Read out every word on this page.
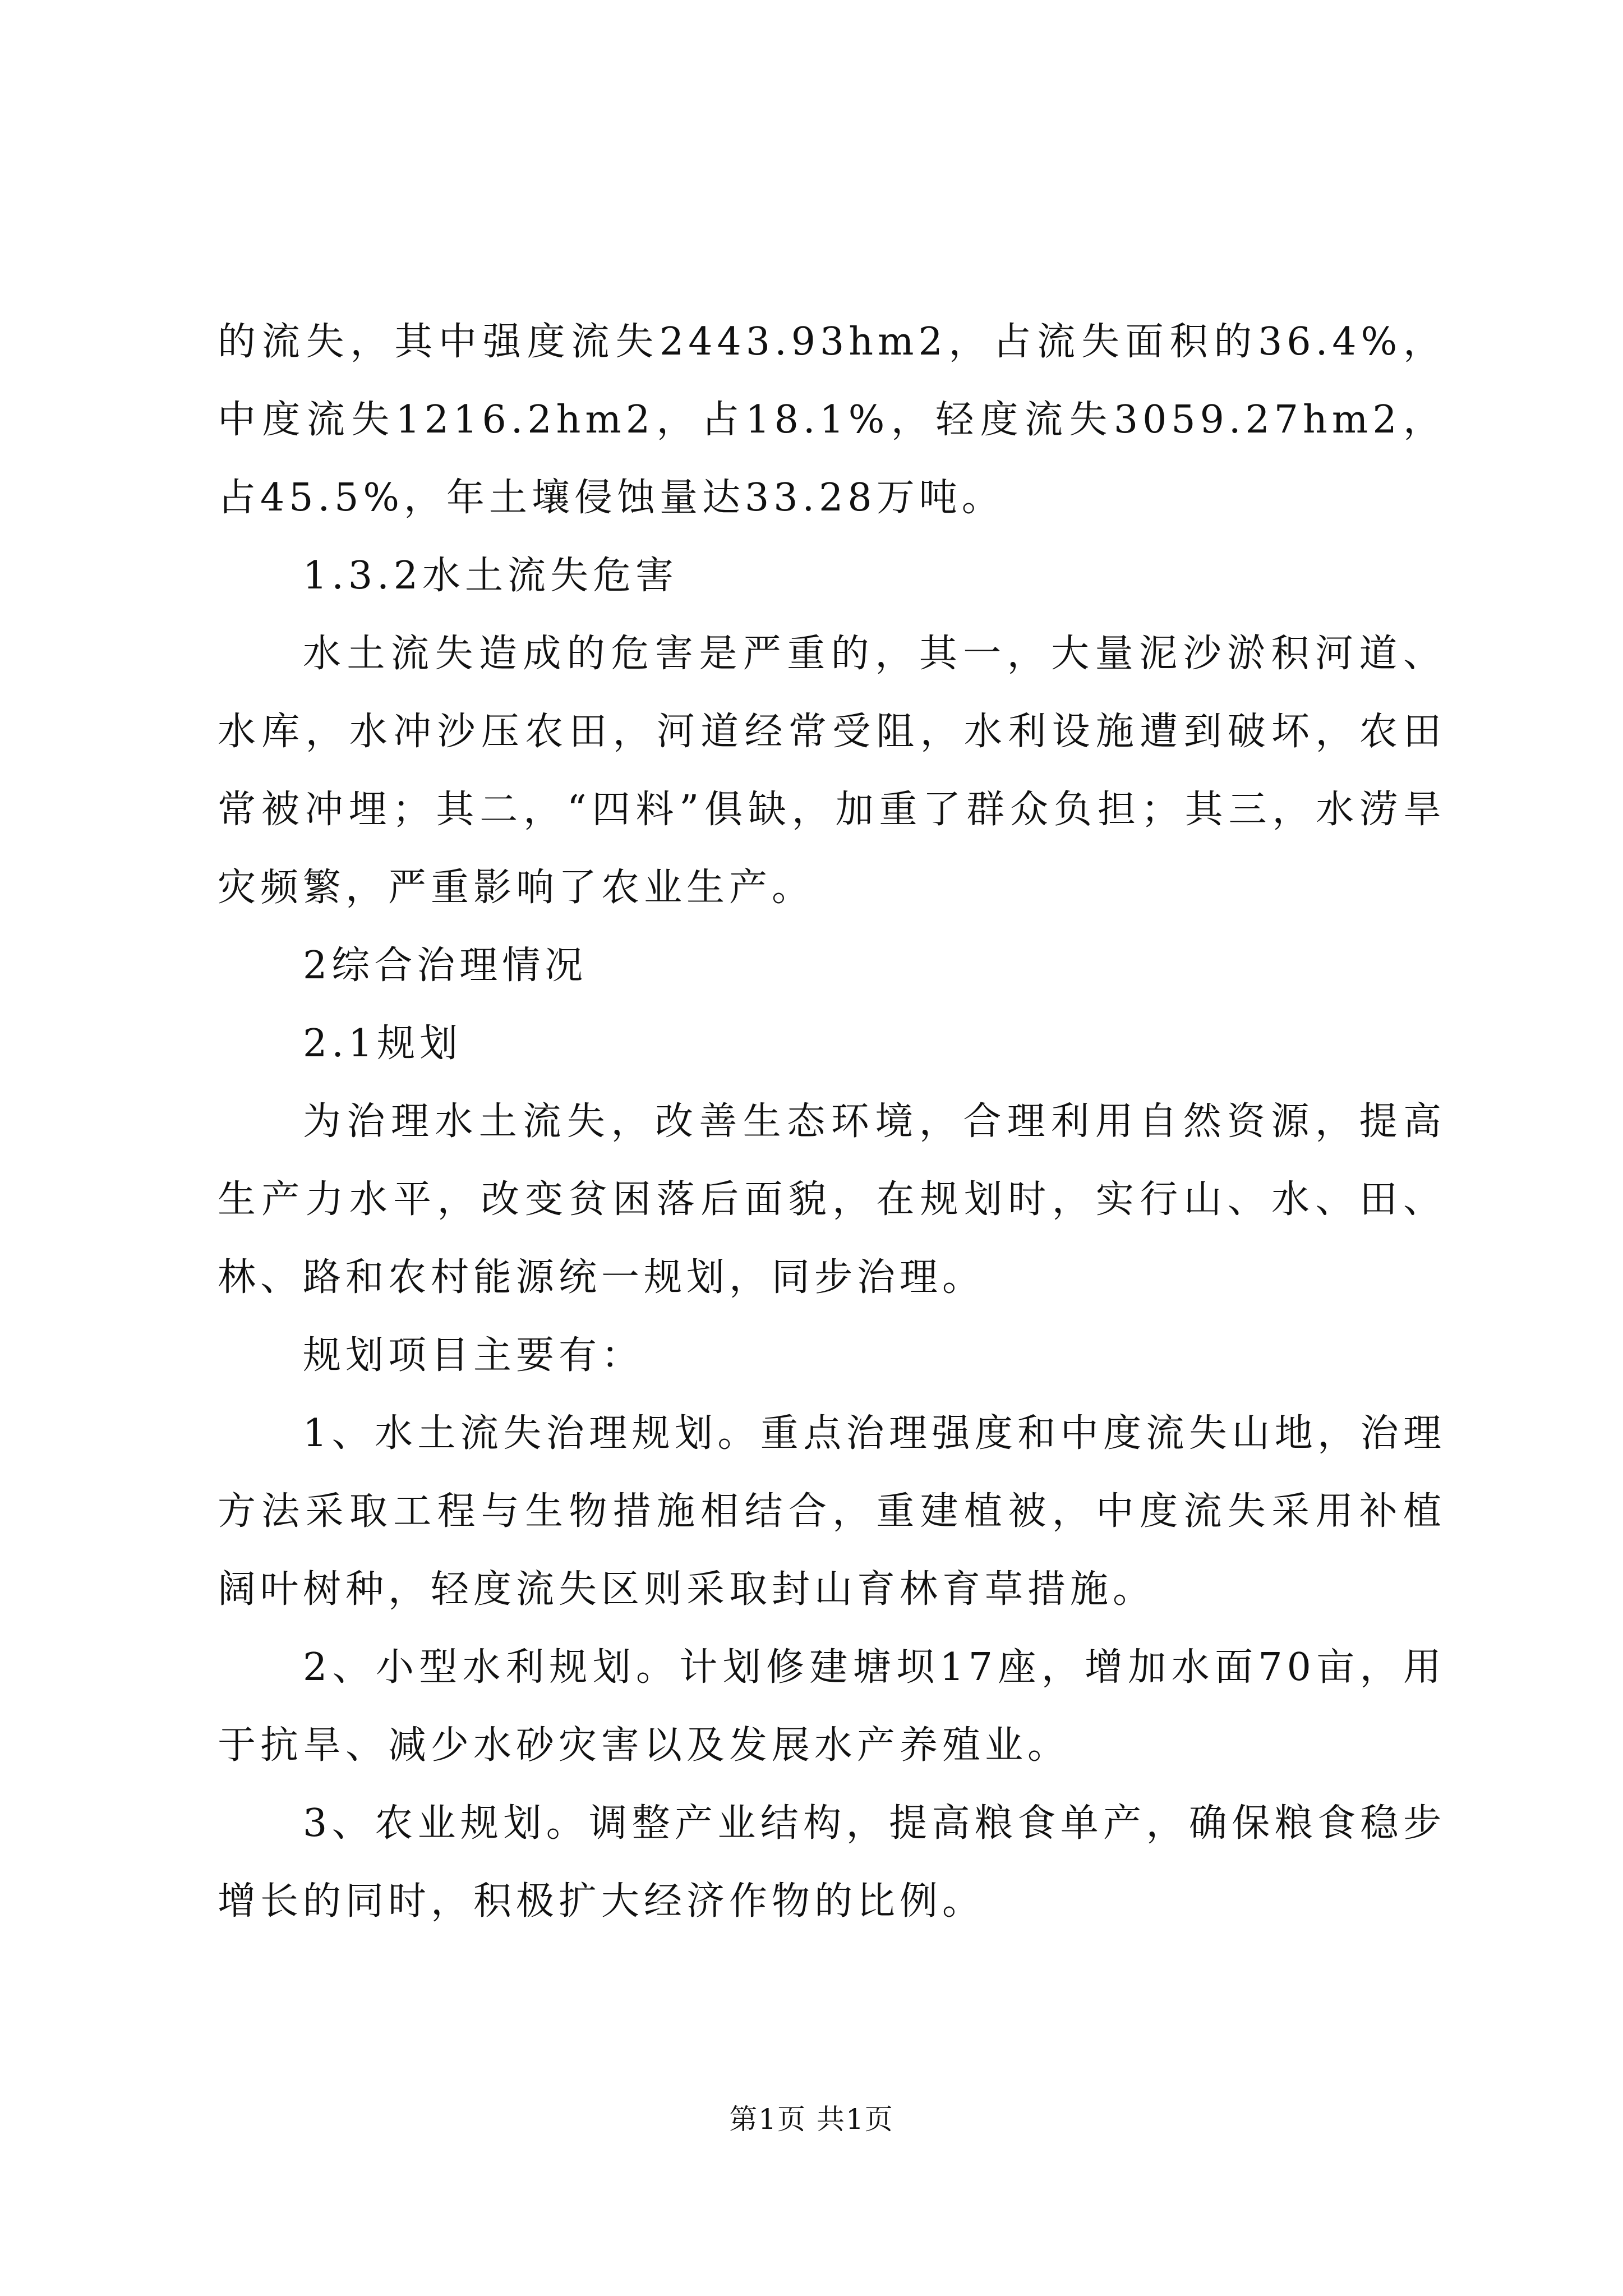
的流失，其中强度流失2443.93hm2，占流失面积的36.4%，中度流失1216.2hm2，占18.1%，轻度流失3059.27hm2，占45.5%，年土壤侵蚀量达33.28万吨。

1.3.2水土流失危害

水土流失造成的危害是严重的，其一，大量泥沙淤积河道、水库，水冲沙压农田，河道经常受阻，水利设施遭到破坏，农田常被冲埋；其二，“四料”俱缺，加重了群众负担；其三，水涝旱灾频繁，严重影响了农业生产。

2综合治理情况

2.1规划

为治理水土流失，改善生态环境，合理利用自然资源，提高生产力水平，改变贫困落后面貌，在规划时，实行山、水、田、林、路和农村能源统一规划，同步治理。

规划项目主要有：

1、水土流失治理规划。重点治理强度和中度流失山地，治理方法采取工程与生物措施相结合，重建植被，中度流失采用补植阔叶树种，轻度流失区则采取封山育林育草措施。

2、小型水利规划。计划修建塘坝17座，增加水面70亩，用于抗旱、减少水砂灾害以及发展水产养殖业。

3、农业规划。调整产业结构，提高粮食单产，确保粮食稳步增长的同时，积极扩大经济作物的比例。

第1页 共1页
